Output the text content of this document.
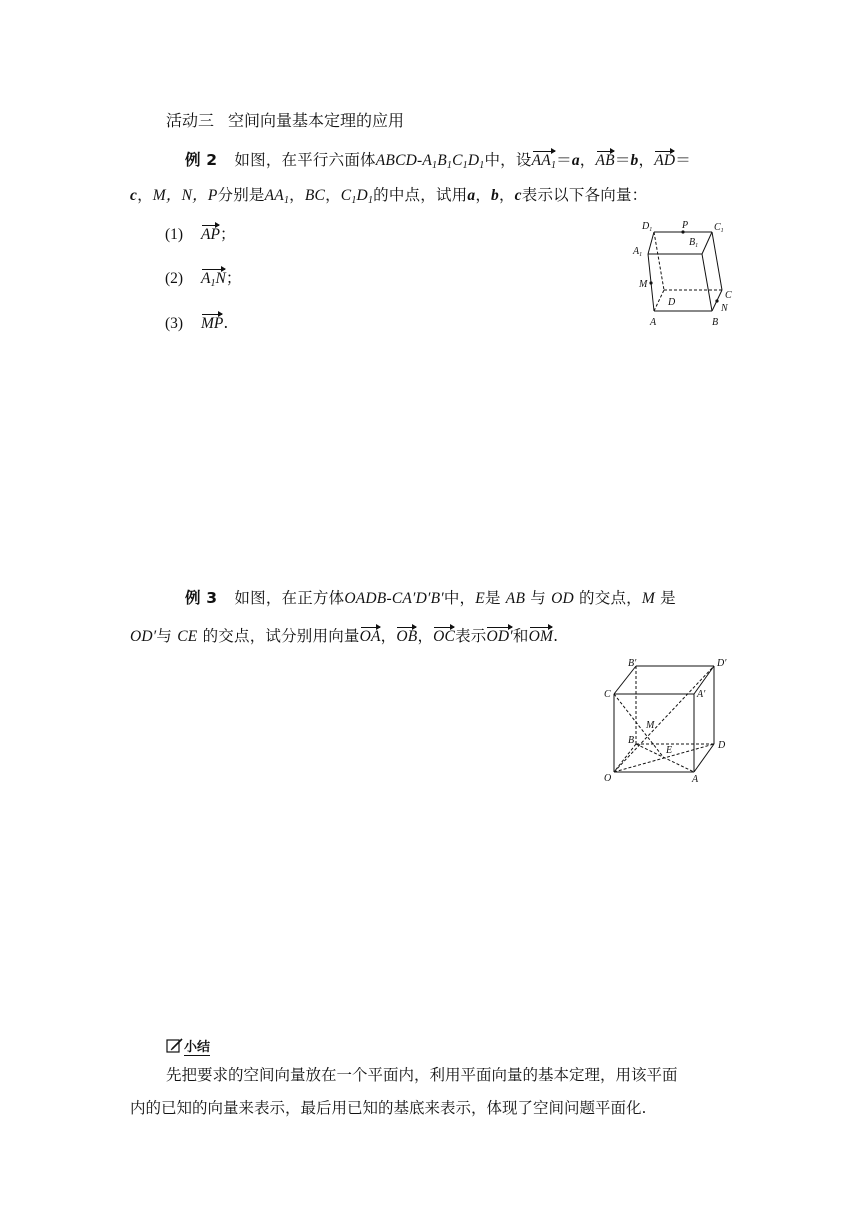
活动三 空间向量基本定理的应用
例 2 如图，在平行六面体ABCD-$A_1B_1C_1D_1$中，设$AA_1=a$，AB＝b，AD＝
c，M，N，P分别是$AA_1$，BC，$C_1D_1$的中点，试用a，b，c表示以下各向量：
(1) AP；
(2) $A_1N$；
(3) MP.
$D_1$	P	$C_1$
$A_1$
$B_1$
M
D
C
N
A	B
例 3 如图，在正方体OADB-CA′D′B′中，E是 AB 与 OD 的交点，M 是
OD′与 CE 的交点，试分别用向量OA，OB，OC表示OD′和OM.
B′	D′
C	A′
M
B
E	D
O	A
小结
先把要求的空间向量放在一个平面内，利用平面向量的基本定理，用该平面
内的已知的向量来表示，最后用已知的基底来表示，体现了空间问题平面化.
